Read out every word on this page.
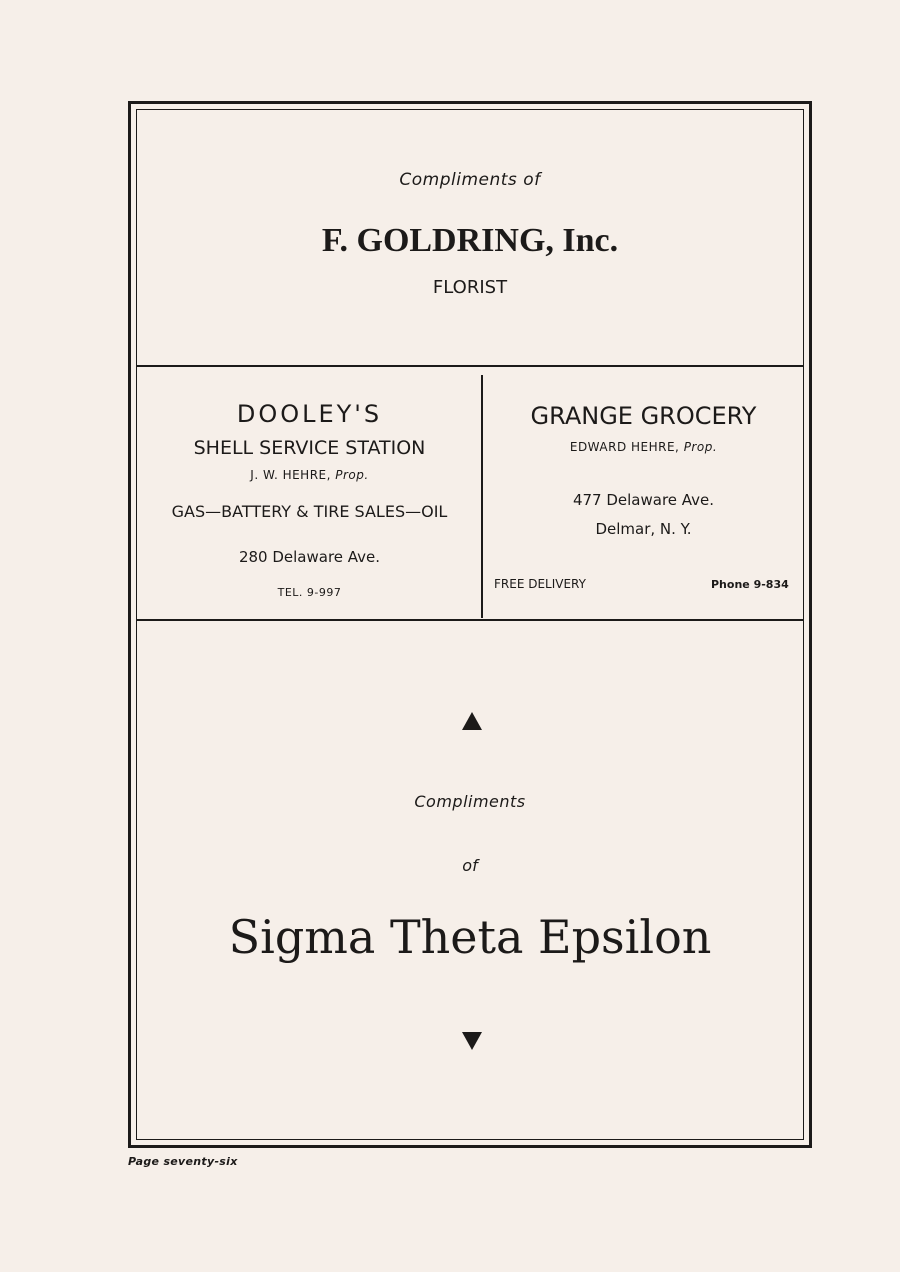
Compliments of
F. GOLDRING, Inc.
FLORIST
DOOLEY'S
SHELL SERVICE STATION
J. W. HEHRE, Prop.
GAS—BATTERY & TIRE SALES—OIL
280 Delaware Ave.
TEL. 9-997
GRANGE GROCERY
EDWARD HEHRE, Prop.
477 Delaware Ave.
Delmar, N. Y.
FREE DELIVERY	Phone 9-834
Compliments
of
Sigma Theta Epsilon
Page seventy-six
